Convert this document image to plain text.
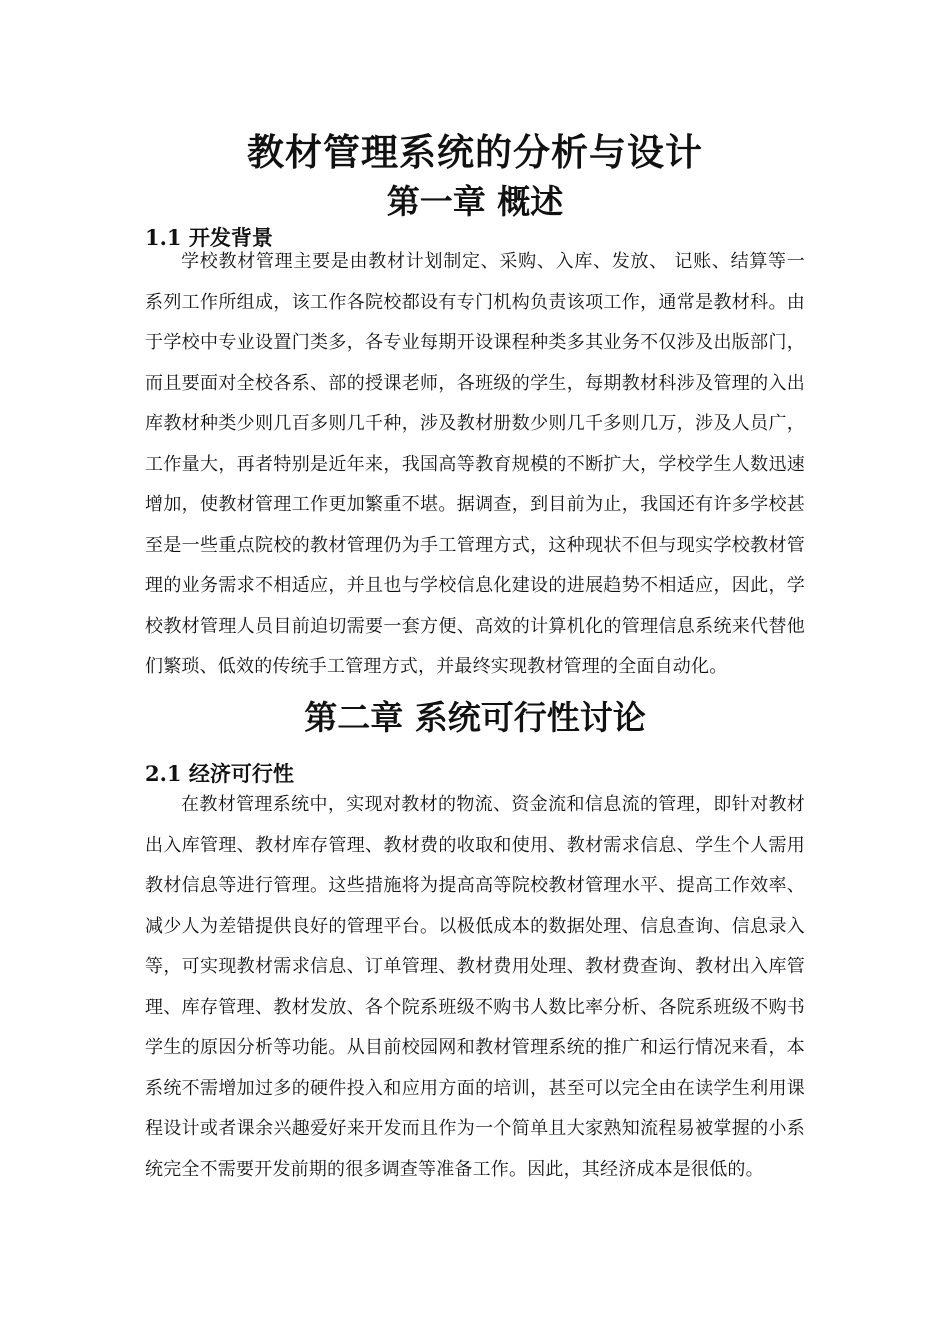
教材管理系统的分析与设计
第一章 概述
1.1 开发背景

学校教材管理主要是由教材计划制定、采购、入库、发放、 记账、结算等一系列工作所组成，该工作各院校都设有专门机构负责该项工作，通常是教材科。由于学校中专业设置门类多，各专业每期开设课程种类多其业务不仅涉及出版部门，而且要面对全校各系、部的授课老师，各班级的学生，每期教材科涉及管理的入出库教材种类少则几百多则几千种，涉及教材册数少则几千多则几万，涉及人员广，工作量大，再者特别是近年来，我国高等教育规模的不断扩大，学校学生人数迅速增加，使教材管理工作更加繁重不堪。据调查，到目前为止，我国还有许多学校甚至是一些重点院校的教材管理仍为手工管理方式，这种现状不但与现实学校教材管理的业务需求不相适应，并且也与学校信息化建设的进展趋势不相适应，因此，学校教材管理人员目前迫切需要一套方便、高效的计算机化的管理信息系统来代替他们繁琐、低效的传统手工管理方式，并最终实现教材管理的全面自动化。

第二章 系统可行性讨论
2.1 经济可行性

在教材管理系统中，实现对教材的物流、资金流和信息流的管理，即针对教材出入库管理、教材库存管理、教材费的收取和使用、教材需求信息、学生个人需用教材信息等进行管理。这些措施将为提高高等院校教材管理水平、提高工作效率、减少人为差错提供良好的管理平台。以极低成本的数据处理、信息查询、信息录入等，可实现教材需求信息、订单管理、教材费用处理、教材费查询、教材出入库管理、库存管理、教材发放、各个院系班级不购书人数比率分析、各院系班级不购书学生的原因分析等功能。从目前校园网和教材管理系统的推广和运行情况来看，本系统不需增加过多的硬件投入和应用方面的培训，甚至可以完全由在读学生利用课程设计或者课余兴趣爱好来开发而且作为一个简单且大家熟知流程易被掌握的小系统完全不需要开发前期的很多调查等准备工作。因此，其经济成本是很低的。
